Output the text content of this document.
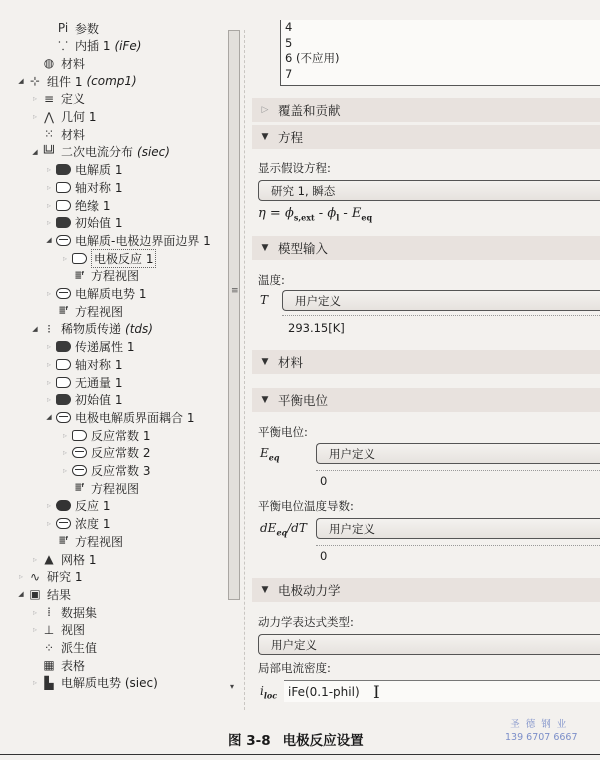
Pi 参数
⸪ 内插 1 (iFe)
◍ 材料
◢ ⊹ 组件 1 (comp1)
▹ ≡ 定义
▹ ⋀ 几何 1
⁙ 材料
◢ ╚╝ 二次电流分布 (siec)
▹ 电解质 1
▹ 轴对称 1
▹ 绝缘 1
▹ 初始值 1
◢ 电解质-电极边界面边界 1
▹ 电极反应 1
≣ᶠ 方程视图
▹ 电解质电势 1
≣ᶠ 方程视图
◢ ⁝ 稀物质传递 (tds)
▹ 传递属性 1
▹ 轴对称 1
▹ 无通量 1
▹ 初始值 1
◢ 电极电解质界面耦合 1
▹ 反应常数 1
▹ 反应常数 2
▹ 反应常数 3
≣ᶠ 方程视图
▹ 反应 1
▹ 浓度 1
≣ᶠ 方程视图
▹ ▲ 网格 1
▹ ∿ 研究 1
◢ ▣ 结果
▹ ⁞ 数据集
▹ ⊥ 视图
⁘ 派生值
▦ 表格
▹ ▙ 电解质电势 (siec)
≡
▾
4
5
6 (不应用)
7
▷ 覆盖和贡献
▼ 方程
显示假设方程:
研究 1, 瞬态
$\eta = \phi_{s,ext} - \phi_l - E_{eq}$
▼ 模型输入
温度:
T 用户定义
293.15[K]
▼ 材料
▼ 平衡电位
平衡电位:
$E_{eq}$	用户定义
0
平衡电位温度导数:
$dE_{eq}/dT$ 用户定义
0
▼ 电极动力学
动力学表达式类型:
用户定义
局部电流密度:
$i_{loc}$ iFe(0.1-phil) I
图 3-8 电极反应设置
圣德钢业
139 6707 6667
